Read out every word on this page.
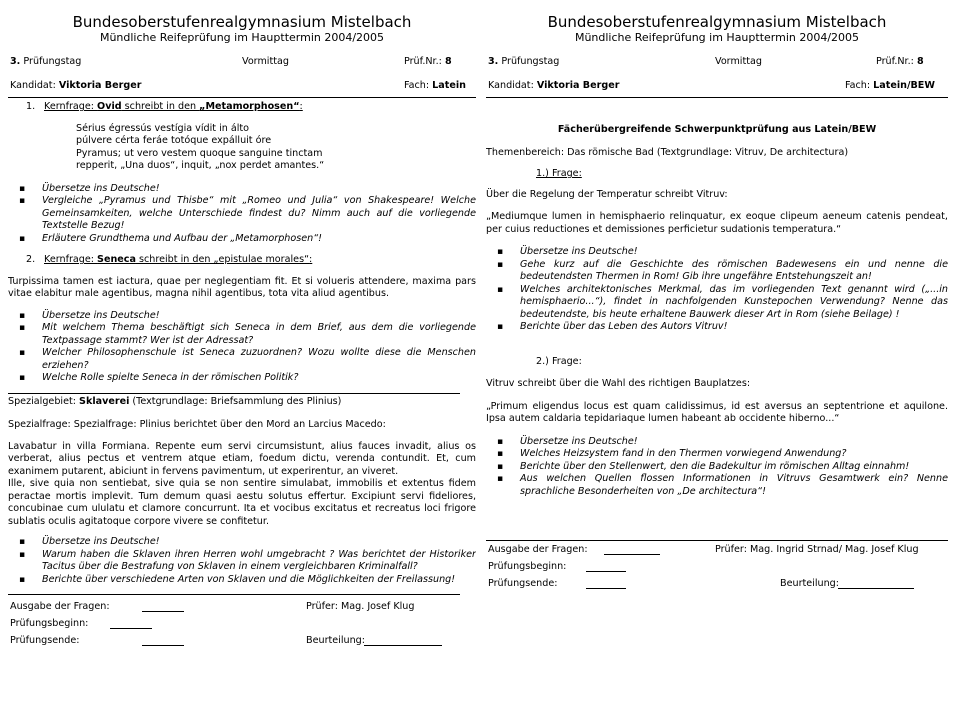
Bundesoberstufenrealgymnasium Mistelbach
Mündliche Reifeprüfung im Haupttermin 2004/2005
3. Prüfungstag	Vormittag	Prüf.Nr.: 8
Kandidat: Viktoria Berger	Fach: Latein
1. Kernfrage: Ovid schreibt in den „Metamorphosen“:

Sérius égressús vestígia vídit in álto

púlvere cérta feráe totóque expálluit óre

Pyramus; ut vero vestem quoque sanguine tinctam

repperit, „Una duos“, inquit, „nox perdet amantes.“

▪ Übersetze ins Deutsche!
▪ Vergleiche „Pyramus und Thisbe“ mit „Romeo und Julia“ von Shakespeare! Welche Gemeinsamkeiten, welche Unterschiede findest du? Nimm auch auf die vorliegende Textstelle Bezug!
▪ Erläutere Grundthema und Aufbau der „Metamorphosen“!
2. Kernfrage: Seneca schreibt in den „epistulae morales“:

Turpissima tamen est iactura, quae per neglegentiam fit. Et si volueris attendere, maxima pars vitae elabitur male agentibus, magna nihil agentibus, tota vita aliud agentibus.

▪ Übersetze ins Deutsche!
▪ Mit welchem Thema beschäftigt sich Seneca in dem Brief, aus dem die vorliegende Textpassage stammt? Wer ist der Adressat?
▪ Welcher Philosophenschule ist Seneca zuzuordnen? Wozu wollte diese die Menschen erziehen?
▪ Welche Rolle spielte Seneca in der römischen Politik?

Spezialgebiet: Sklaverei (Textgrundlage: Briefsammlung des Plinius)

Spezialfrage: Spezialfrage: Plinius berichtet über den Mord an Larcius Macedo:

Lavabatur in villa Formiana. Repente eum servi circumsistunt, alius fauces invadit, alius os verberat, alius pectus et ventrem atque etiam, foedum dictu, verenda contundit. Et, cum exanimem putarent, abiciunt in fervens pavimentum, ut experirentur, an viveret.
Ille, sive quia non sentiebat, sive quia se non sentire simulabat, immobilis et extentus fidem peractae mortis implevit. Tum demum quasi aestu solutus effertur. Excipiunt servi fideliores, concubinae cum ululatu et clamore concurrunt. Ita et vocibus excitatus et recreatus loci frigore sublatis oculis agitatoque corpore vivere se confitetur.

▪ Übersetze ins Deutsche!
▪ Warum haben die Sklaven ihren Herren wohl umgebracht ? Was berichtet der Historiker Tacitus über die Bestrafung von Sklaven in einem vergleichbaren Kriminalfall?
▪ Berichte über verschiedene Arten von Sklaven und die Möglichkeiten der Freilassung!
Ausgabe der Fragen:	Prüfer: Mag. Josef Klug
Prüfungsbeginn:
Prüfungsende:	Beurteilung:
Bundesoberstufenrealgymnasium Mistelbach
Mündliche Reifeprüfung im Haupttermin 2004/2005
3. Prüfungstag	Vormittag	Prüf.Nr.: 8
Kandidat: Viktoria Berger	Fach: Latein/BEW

Fächerübergreifende Schwerpunktprüfung aus Latein/BEW

Themenbereich: Das römische Bad (Textgrundlage: Vitruv, De architectura)

1.) Frage:

Über die Regelung der Temperatur schreibt Vitruv:

„Mediumque lumen in hemisphaerio relinquatur, ex eoque clipeum aeneum catenis pendeat, per cuius reductiones et demissiones perficietur sudationis temperatura.“

▪ Übersetze ins Deutsche!
▪ Gehe kurz auf die Geschichte des römischen Badewesens ein und nenne die bedeutendsten Thermen in Rom! Gib ihre ungefähre Entstehungszeit an!
▪ Welches architektonisches Merkmal, das im vorliegenden Text genannt wird („...in hemisphaerio...“), findet in nachfolgenden Kunstepochen Verwendung? Nenne das bedeutendste, bis heute erhaltene Bauwerk dieser Art in Rom (siehe Beilage) !
▪ Berichte über das Leben des Autors Vitruv!

2.) Frage:

Vitruv schreibt über die Wahl des richtigen Bauplatzes:

„Primum eligendus locus est quam calidissimus, id est aversus an septentrione et aquilone. Ipsa autem caldaria tepidariaque lumen habeant ab occidente hiberno...“

▪ Übersetze ins Deutsche!
▪ Welches Heizsystem fand in den Thermen vorwiegend Anwendung?
▪ Berichte über den Stellenwert, den die Badekultur im römischen Alltag einnahm!
▪ Aus welchen Quellen flossen Informationen in Vitruvs Gesamtwerk ein? Nenne sprachliche Besonderheiten von „De architectura“!
Ausgabe der Fragen:	Prüfer: Mag. Ingrid Strnad/ Mag. Josef Klug
Prüfungsbeginn:
Prüfungsende:	Beurteilung:
